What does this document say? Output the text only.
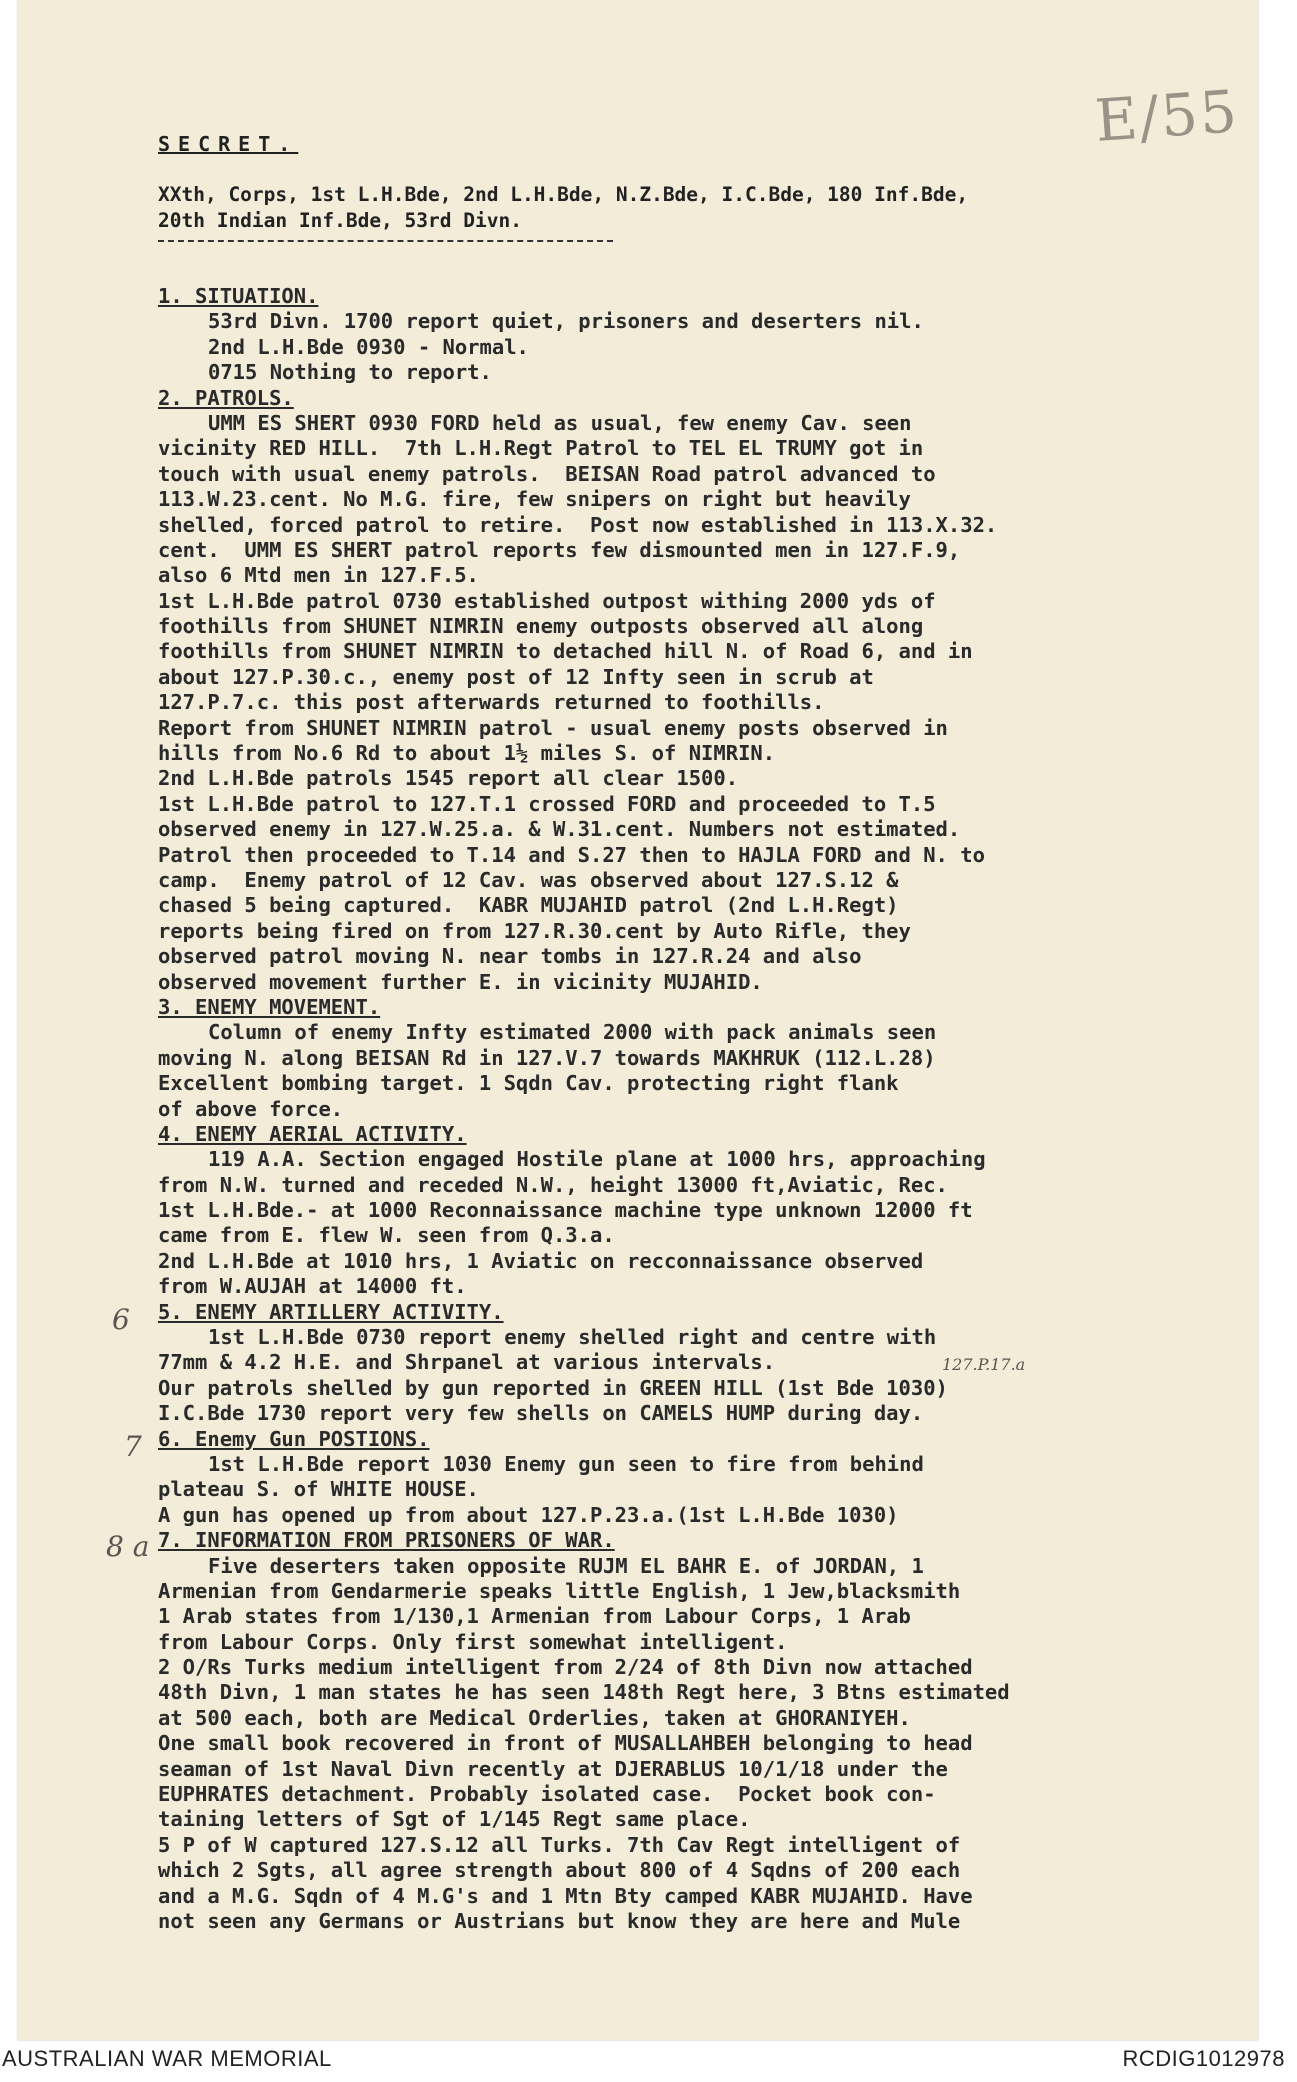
E/55
SECRET.
XXth, Corps, 1st L.H.Bde, 2nd L.H.Bde, N.Z.Bde, I.C.Bde, 180 Inf.Bde,
20th Indian Inf.Bde, 53rd Divn.
1. SITUATION.
53rd Divn. 1700 report quiet, prisoners and deserters nil.
2nd L.H.Bde 0930 - Normal.
0715 Nothing to report.
2. PATROLS.
UMM ES SHERT 0930 FORD held as usual, few enemy Cav. seen
vicinity RED HILL.  7th L.H.Regt Patrol to TEL EL TRUMY got in
touch with usual enemy patrols.  BEISAN Road patrol advanced to
113.W.23.cent. No M.G. fire, few snipers on right but heavily
shelled, forced patrol to retire.  Post now established in 113.X.32.
cent.  UMM ES SHERT patrol reports few dismounted men in 127.F.9,
also 6 Mtd men in 127.F.5.
1st L.H.Bde patrol 0730 established outpost withing 2000 yds of
foothills from SHUNET NIMRIN enemy outposts observed all along
foothills from SHUNET NIMRIN to detached hill N. of Road 6, and in
about 127.P.30.c., enemy post of 12 Infty seen in scrub at
127.P.7.c. this post afterwards returned to foothills.
Report from SHUNET NIMRIN patrol - usual enemy posts observed in
hills from No.6 Rd to about 1½ miles S. of NIMRIN.
2nd L.H.Bde patrols 1545 report all clear 1500.
1st L.H.Bde patrol to 127.T.1 crossed FORD and proceeded to T.5
observed enemy in 127.W.25.a. & W.31.cent. Numbers not estimated.
Patrol then proceeded to T.14 and S.27 then to HAJLA FORD and N. to
camp.  Enemy patrol of 12 Cav. was observed about 127.S.12 &
chased 5 being captured.  KABR MUJAHID patrol (2nd L.H.Regt)
reports being fired on from 127.R.30.cent by Auto Rifle, they
observed patrol moving N. near tombs in 127.R.24 and also
observed movement further E. in vicinity MUJAHID.
3. ENEMY MOVEMENT.
Column of enemy Infty estimated 2000 with pack animals seen
moving N. along BEISAN Rd in 127.V.7 towards MAKHRUK (112.L.28)
Excellent bombing target. 1 Sqdn Cav. protecting right flank
of above force.
4. ENEMY AERIAL ACTIVITY.
119 A.A. Section engaged Hostile plane at 1000 hrs, approaching
from N.W. turned and receded N.W., height 13000 ft,Aviatic, Rec.
1st L.H.Bde.- at 1000 Reconnaissance machine type unknown 12000 ft
came from E. flew W. seen from Q.3.a.
2nd L.H.Bde at 1010 hrs, 1 Aviatic on recconnaissance observed
from W.AUJAH at 14000 ft.
5. ENEMY ARTILLERY ACTIVITY.
1st L.H.Bde 0730 report enemy shelled right and centre with
77mm & 4.2 H.E. and Shrpanel at various intervals.
Our patrols shelled by gun reported in GREEN HILL (1st Bde 1030)
I.C.Bde 1730 report very few shells on CAMELS HUMP during day.
6. Enemy Gun POSTIONS.
1st L.H.Bde report 1030 Enemy gun seen to fire from behind
plateau S. of WHITE HOUSE.
A gun has opened up from about 127.P.23.a.(1st L.H.Bde 1030)
7. INFORMATION FROM PRISONERS OF WAR.
Five deserters taken opposite RUJM EL BAHR E. of JORDAN, 1
Armenian from Gendarmerie speaks little English, 1 Jew,blacksmith
1 Arab states from 1/130,1 Armenian from Labour Corps, 1 Arab
from Labour Corps. Only first somewhat intelligent.
2 O/Rs Turks medium intelligent from 2/24 of 8th Divn now attached
48th Divn, 1 man states he has seen 148th Regt here, 3 Btns estimated
at 500 each, both are Medical Orderlies, taken at GHORANIYEH.
One small book recovered in front of MUSALLAHBEH belonging to head
seaman of 1st Naval Divn recently at DJERABLUS 10/1/18 under the
EUPHRATES detachment. Probably isolated case.  Pocket book con-
taining letters of Sgt of 1/145 Regt same place.
5 P of W captured 127.S.12 all Turks. 7th Cav Regt intelligent of
which 2 Sgts, all agree strength about 800 of 4 Sqdns of 200 each
and a M.G. Sqdn of 4 M.G's and 1 Mtn Bty camped KABR MUJAHID. Have
not seen any Germans or Austrians but know they are here and Mule
6
7
8 a
127.P.17.a
AUSTRALIAN WAR MEMORIAL	RCDIG1012978
